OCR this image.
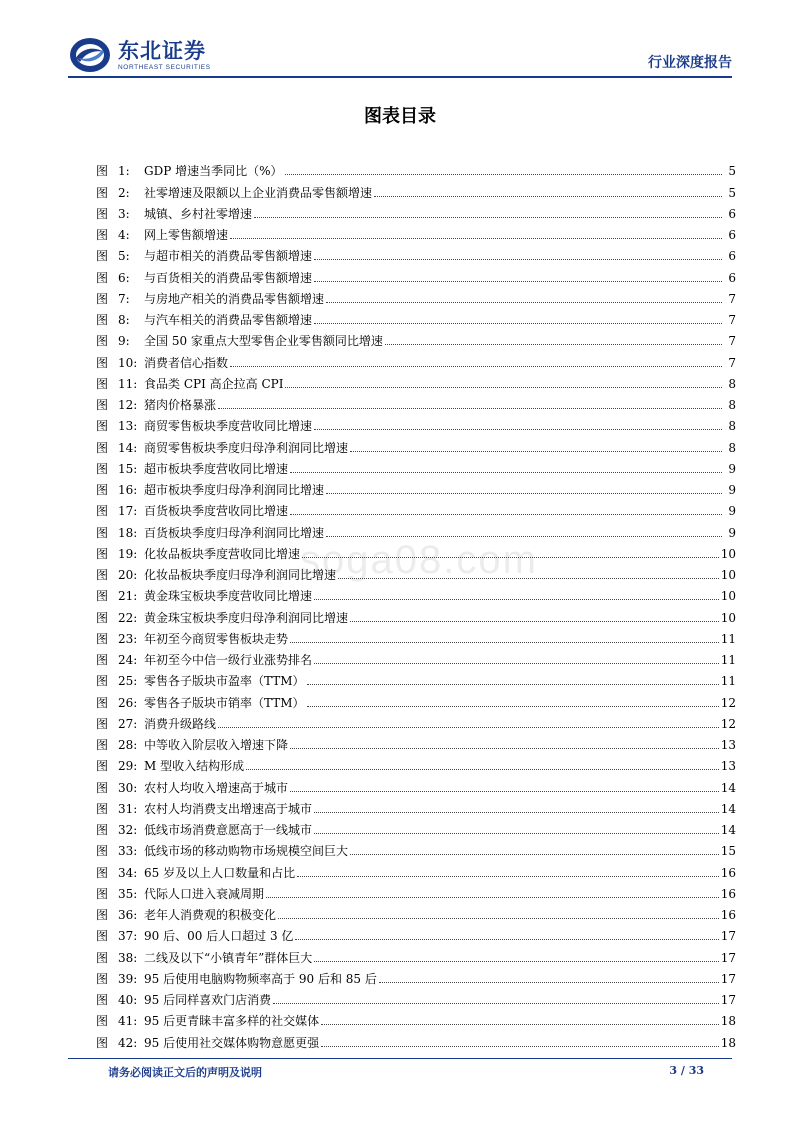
东北证券
NORTHEAST SECURITIES	行业深度报告
图表目录
soga08.com
图 1:	GDP 增速当季同比（%）	5
图 2:	社零增速及限额以上企业消费品零售额增速	5
图 3:	城镇、乡村社零增速	6
图 4:	网上零售额增速	6
图 5:	与超市相关的消费品零售额增速	6
图 6:	与百货相关的消费品零售额增速	6
图 7:	与房地产相关的消费品零售额增速	7
图 8:	与汽车相关的消费品零售额增速	7
图 9:	全国 50 家重点大型零售企业零售额同比增速	7
图 10: 消费者信心指数	7
图 11: 食品类 CPI 高企拉高 CPI	8
图 12: 猪肉价格暴涨	8
图 13: 商贸零售板块季度营收同比增速	8
图 14: 商贸零售板块季度归母净利润同比增速	8
图 15: 超市板块季度营收同比增速	9
图 16: 超市板块季度归母净利润同比增速	9
图 17: 百货板块季度营收同比增速	9
图 18: 百货板块季度归母净利润同比增速	9
图 19: 化妆品板块季度营收同比增速	10
图 20: 化妆品板块季度归母净利润同比增速	10
图 21: 黄金珠宝板块季度营收同比增速	10
图 22: 黄金珠宝板块季度归母净利润同比增速	10
图 23: 年初至今商贸零售板块走势	11
图 24: 年初至今中信一级行业涨势排名	11
图 25: 零售各子版块市盈率（TTM）	11
图 26: 零售各子版块市销率（TTM）	12
图 27: 消费升级路线	12
图 28: 中等收入阶层收入增速下降	13
图 29: M 型收入结构形成	13
图 30: 农村人均收入增速高于城市	14
图 31: 农村人均消费支出增速高于城市	14
图 32: 低线市场消费意愿高于一线城市	14
图 33: 低线市场的移动购物市场规模空间巨大	15
图 34: 65 岁及以上人口数量和占比	16
图 35: 代际人口进入衰减周期	16
图 36: 老年人消费观的积极变化	16
图 37: 90 后、00 后人口超过 3 亿	17
图 38: 二线及以下“小镇青年”群体巨大	17
图 39: 95 后使用电脑购物频率高于 90 后和 85 后	17
图 40: 95 后同样喜欢门店消费	17
图 41: 95 后更青睐丰富多样的社交媒体	18
图 42: 95 后使用社交媒体购物意愿更强	18
请务必阅读正文后的声明及说明	3 / 33
